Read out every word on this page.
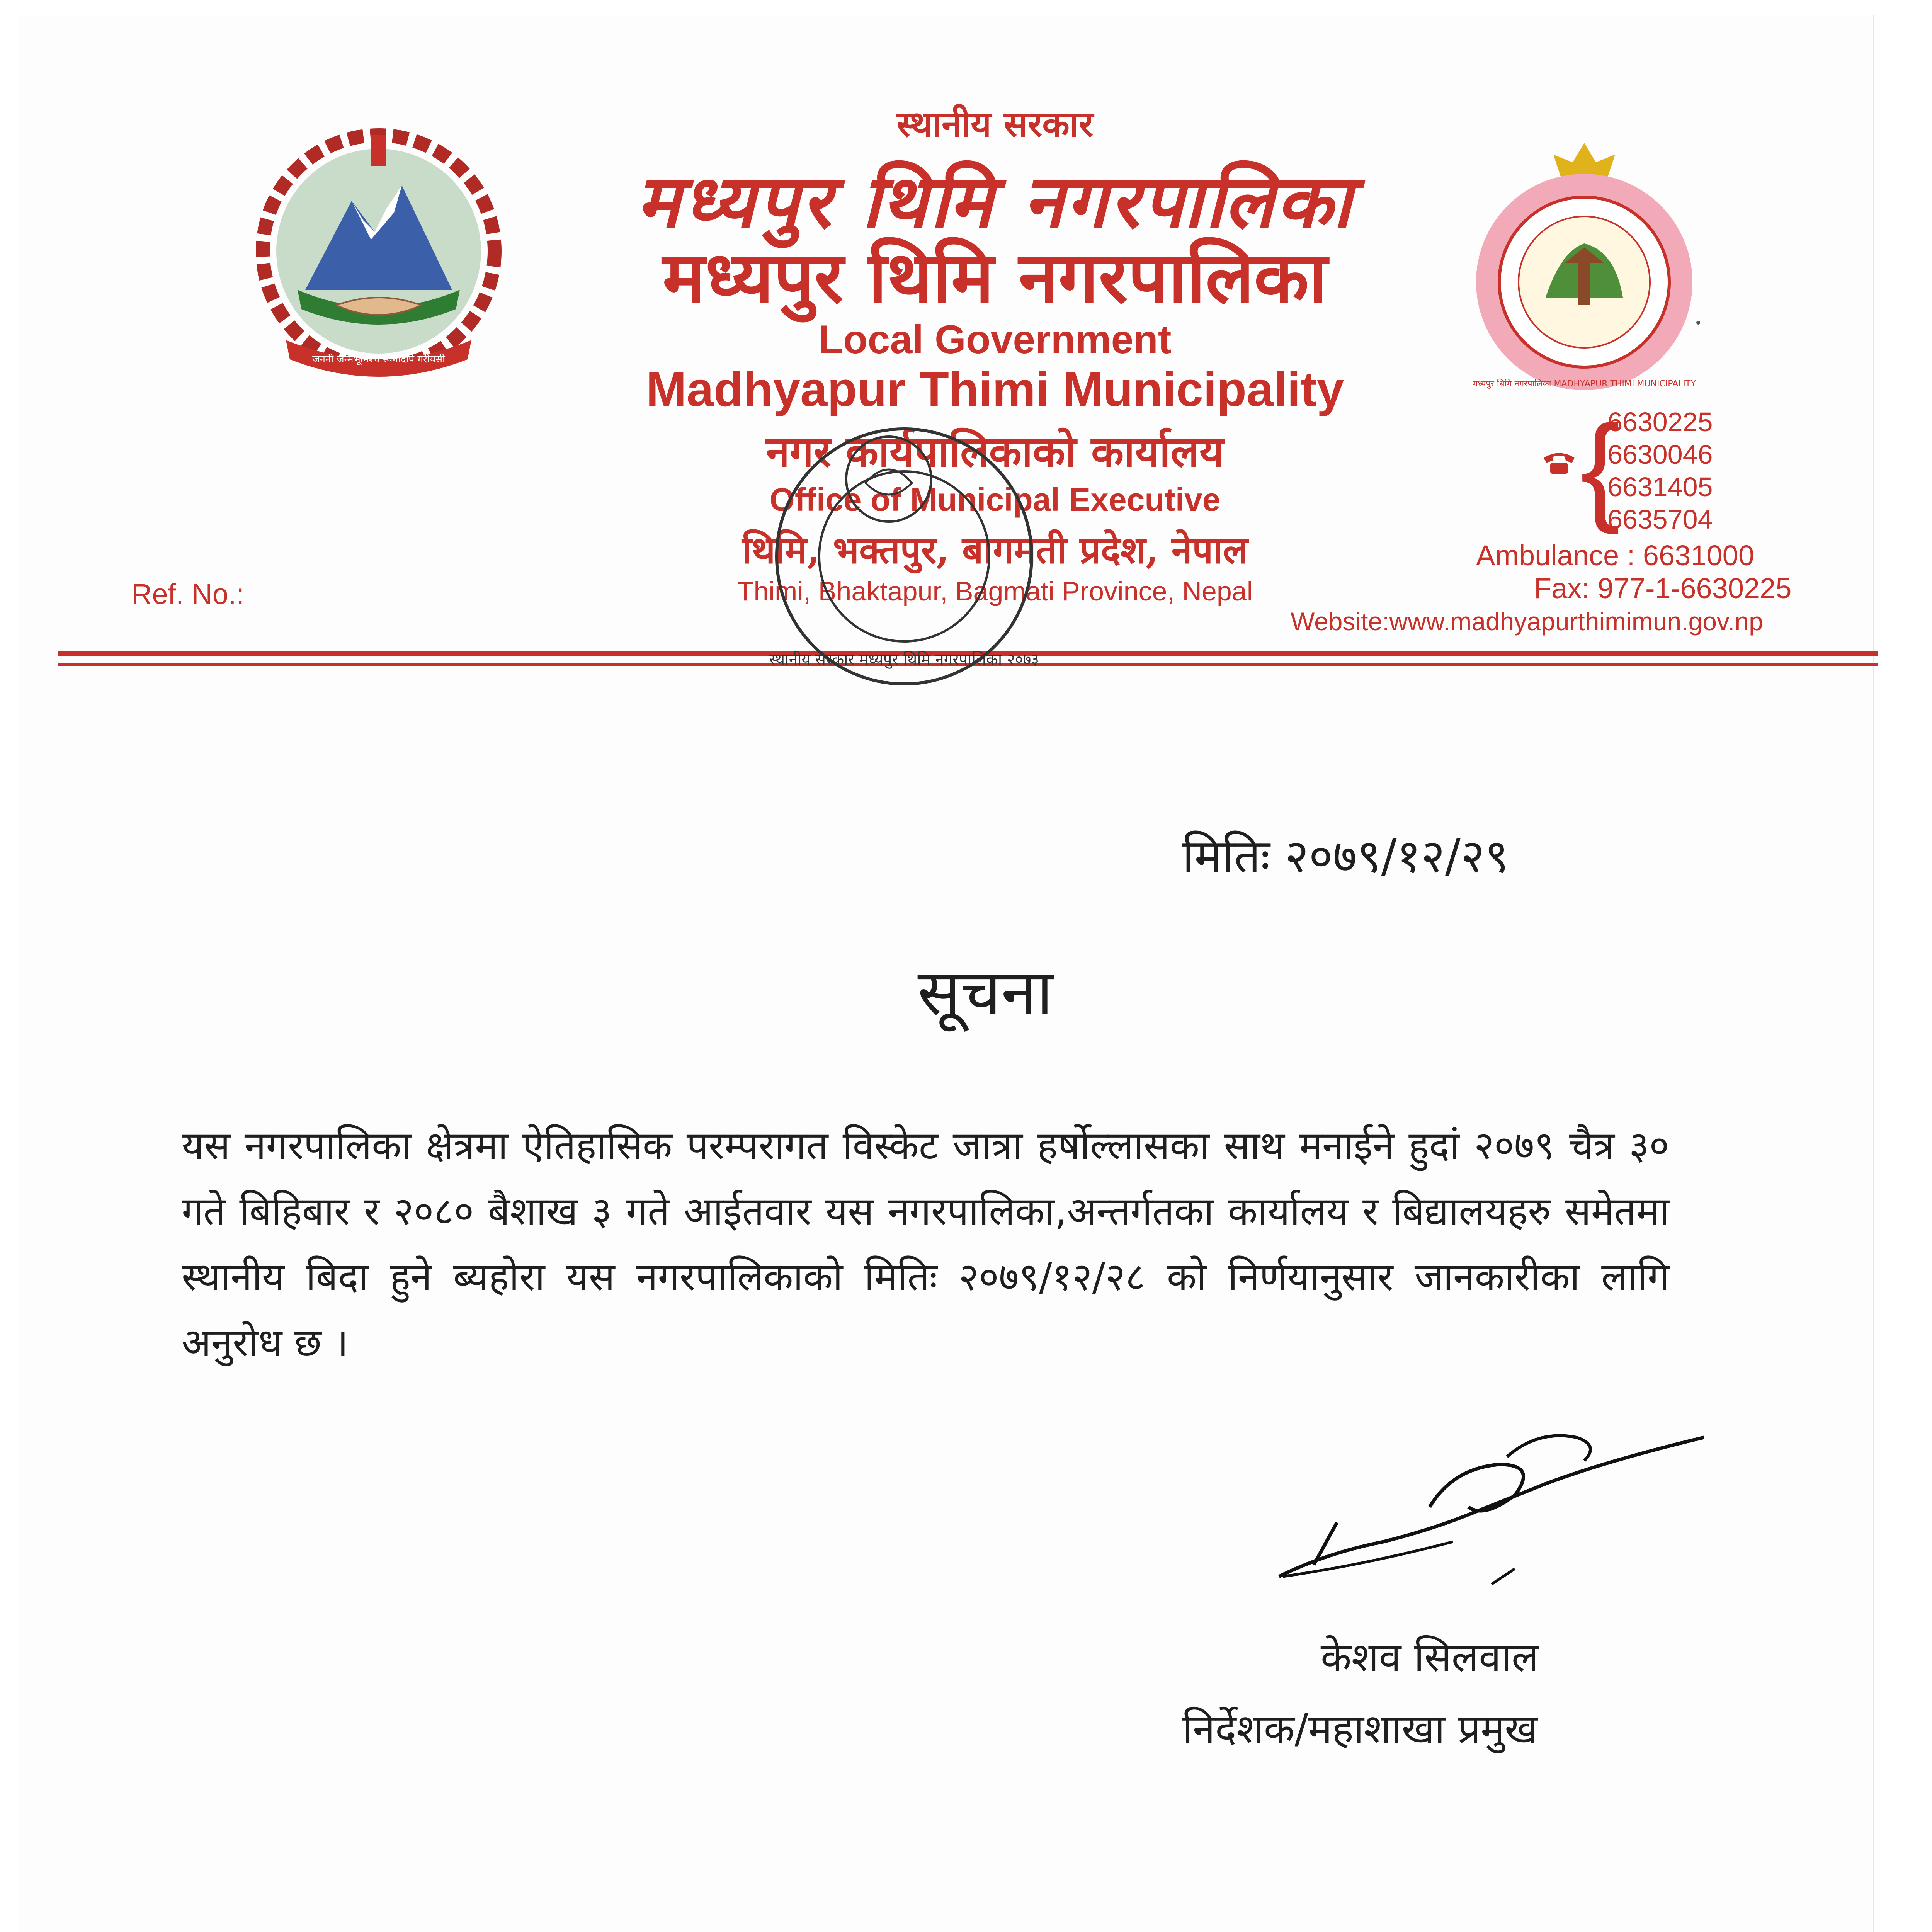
जननी जन्मभूमिश्च स्वर्गादपि गरीयसी
स्थानीय सरकार
मध्यपुर थिमि नगरपालिका
मध्यपुर थिमि नगरपालिका
Local Government
Madhyapur Thimi Municipality
नगर कार्यपालिकाको कार्यालय
Office of Municipal Executive
थिमि, भक्तपुर, बागमती प्रदेश, नेपाल
Thimi, Bhaktapur, Bagmati Province, Nepal
Ref. No.:
मध्यपुर थिमि नगरपालिका MADHYAPUR THIMI MUNICIPALITY
{
6630225
6630046
6631405
6635704
Ambulance : 6631000
Fax: 977-1-6630225
Website:www.madhyapurthimimun.gov.np
स्थानीय सरकार मध्यपुर थिमि नगरपालिका २०७३
मितिः २०७९/१२/२९
सूचना
यस नगरपालिका क्षेत्रमा ऐतिहासिक परम्परागत विस्केट जात्रा हर्षोल्लासका साथ मनाईने हुदां २०७९ चैत्र ३० गते बिहिबार र २०८० बैशाख ३ गते आईतवार यस नगरपालिका,अन्तर्गतका कार्यालय र बिद्यालयहरु समेतमा स्थानीय बिदा हुने ब्यहोरा यस नगरपालिकाको मितिः २०७९/१२/२८ को निर्णयानुसार जानकारीका लागि अनुरोध छ ।
केशव सिलवाल
निर्देशक/महाशाखा प्रमुख
